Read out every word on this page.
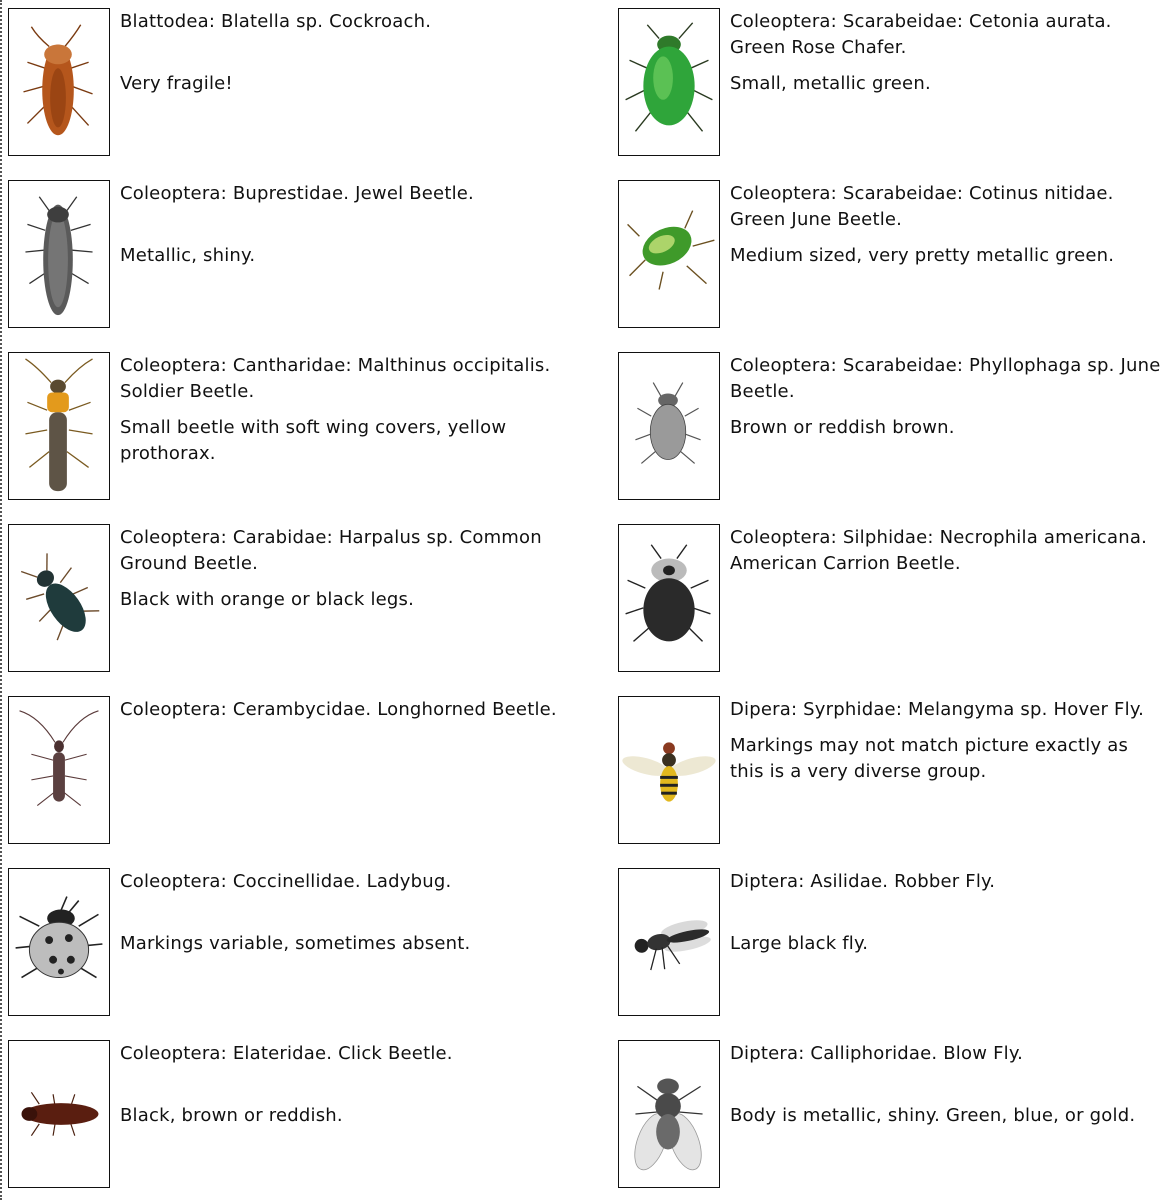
Blattodea: Blatella sp. Cockroach.

Very fragile!

Coleoptera: Buprestidae. Jewel Beetle.

Metallic, shiny.

Coleoptera: Cantharidae: Malthinus occipitalis. Soldier Beetle.

Small beetle with soft wing covers, yellow prothorax.

Coleoptera: Carabidae: Harpalus sp. Common Ground Beetle.

Black with orange or black legs.

Coleoptera: Cerambycidae. Longhorned Beetle.

Coleoptera: Coccinellidae. Ladybug.

Markings variable, sometimes absent.

Coleoptera: Elateridae. Click Beetle.

Black, brown or reddish.

Coleoptera: Scarabeidae: Cetonia aurata. Green Rose Chafer.

Small, metallic green.

Coleoptera: Scarabeidae: Cotinus nitidae. Green June Beetle.

Medium sized, very pretty metallic green.

Coleoptera: Scarabeidae: Phyllophaga sp. June Beetle.

Brown or reddish brown.

Coleoptera: Silphidae: Necrophila americana. American Carrion Beetle.

Dipera: Syrphidae: Melangyma sp. Hover Fly.

Markings may not match picture exactly as this is a very diverse group.

Diptera: Asilidae. Robber Fly.

Large black fly.

Diptera: Calliphoridae. Blow Fly.

Body is metallic, shiny. Green, blue, or gold.
